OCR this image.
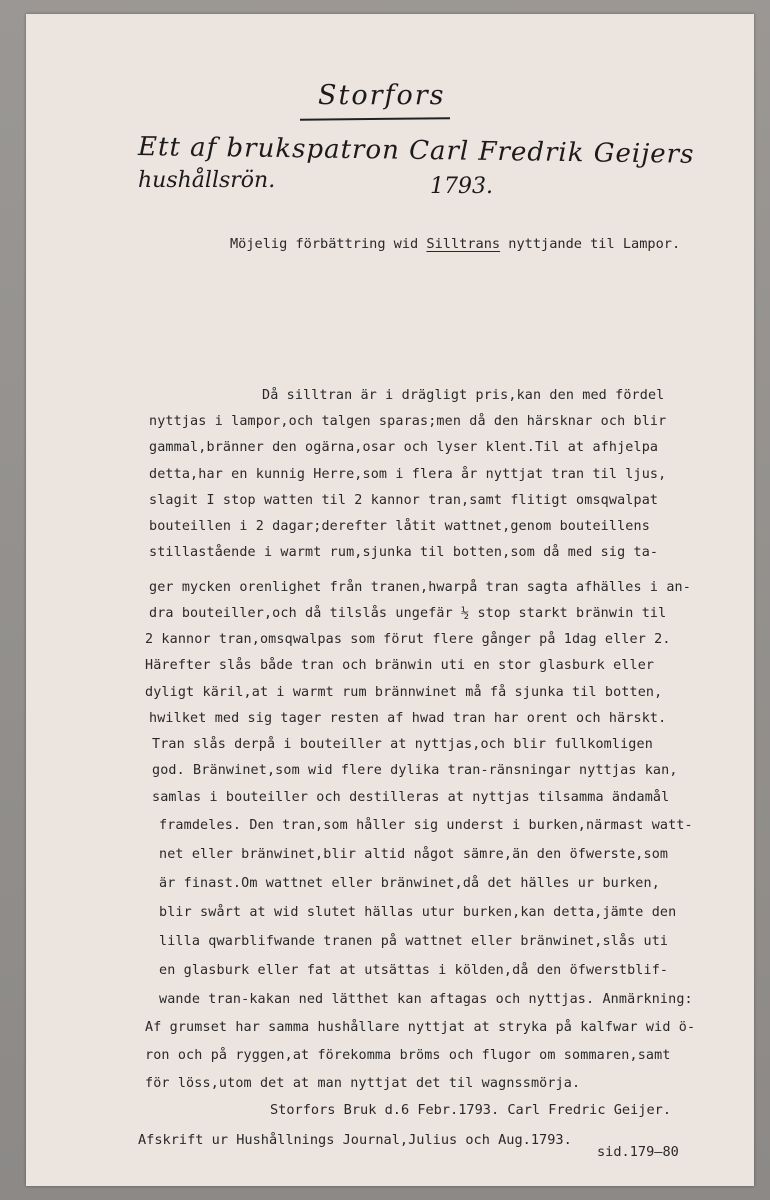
Storfors
Ett af brukspatron Carl Fredrik Geijers
hushållsrön.	1793.
Möjelig förbättring wid Silltrans nyttjande til Lampor.
Då silltran är i drägligt pris,kan den med fördel
nyttjas i lampor,och talgen sparas;men då den härsknar och blir
gammal,bränner den ogärna,osar och lyser klent.Til at afhjelpa
detta,har en kunnig Herre,som i flera år nyttjat tran til ljus,
slagit I stop watten til 2 kannor tran,samt flitigt omsqwalpat
bouteillen i 2 dagar;derefter låtit wattnet,genom bouteillens
stillastående i warmt rum,sjunka til botten,som då med sig ta-
ger mycken orenlighet från tranen,hwarpå tran sagta afhälles i an-
dra bouteiller,och då tilslås ungefär ½ stop starkt bränwin til
2 kannor tran,omsqwalpas som förut flere gånger på 1dag eller 2.
Härefter slås både tran och bränwin uti en stor glasburk eller
dyligt käril,at i warmt rum brännwinet må få sjunka til botten,
hwilket med sig tager resten af hwad tran har orent och härskt.
Tran slås derpå i bouteiller at nyttjas,och blir fullkomligen
god. Bränwinet,som wid flere dylika tran-ränsningar nyttjas kan,
samlas i bouteiller och destilleras at nyttjas tilsamma ändamål
framdeles. Den tran,som håller sig underst i burken,närmast watt-
net eller bränwinet,blir altid något sämre,än den öfwerste,som
är finast.Om wattnet eller bränwinet,då det hälles ur burken,
blir swårt at wid slutet hällas utur burken,kan detta,jämte den
lilla qwarblifwande tranen på wattnet eller bränwinet,slås uti
en glasburk eller fat at utsättas i kölden,då den öfwerstblif-
wande tran-kakan ned lätthet kan aftagas och nyttjas. Anmärkning:
Af grumset har samma hushållare nyttjat at stryka på kalfwar wid ö-
ron och på ryggen,at förekomma bröms och flugor om sommaren,samt
för löss,utom det at man nyttjat det til wagnssmörja.
Storfors Bruk d.6 Febr.1793. Carl Fredric Geijer.
Afskrift ur Hushållnings Journal,Julius och Aug.1793.
sid.179—80
